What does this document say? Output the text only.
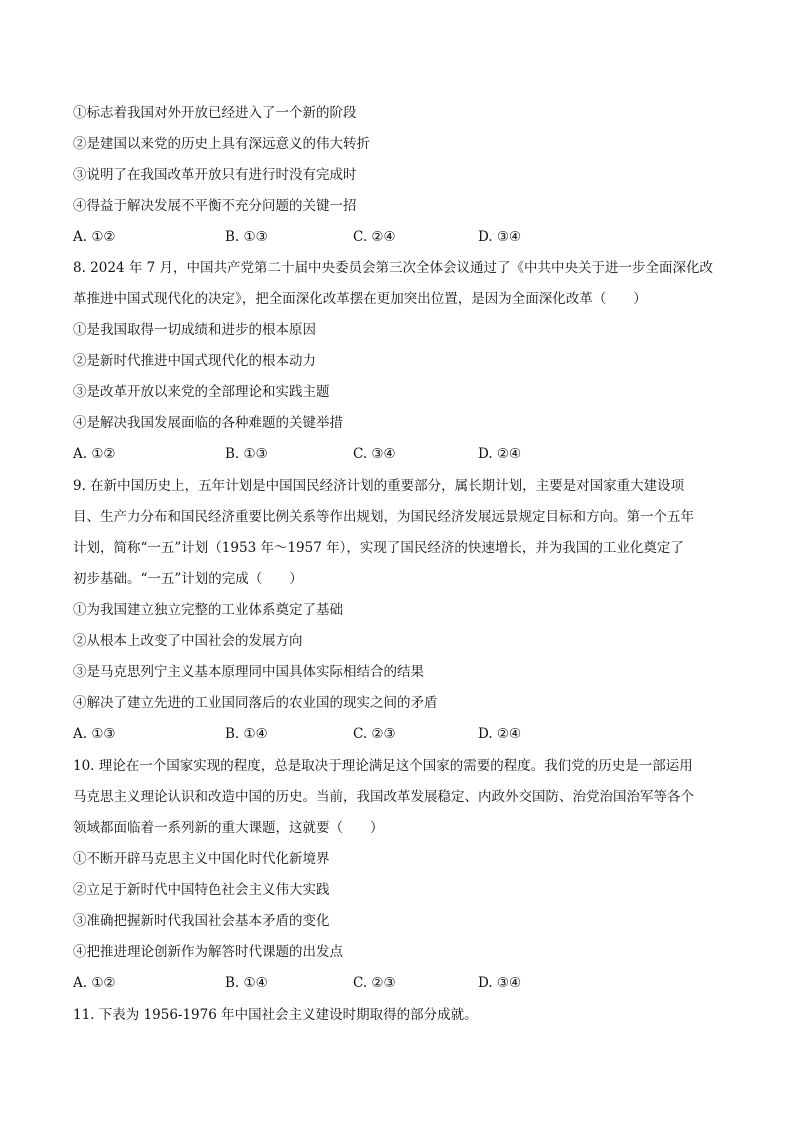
①标志着我国对外开放已经进入了一个新的阶段
②是建国以来党的历史上具有深远意义的伟大转折
③说明了在我国改革开放只有进行时没有完成时
④得益于解决发展不平衡不充分问题的关键一招
A. ①②	B. ①③	C. ②④	D. ③④
8. 2024 年 7 月，中国共产党第二十届中央委员会第三次全体会议通过了《中共中央关于进一步全面深化改
革推进中国式现代化的决定》，把全面深化改革摆在更加突出位置，是因为全面深化改革（　　）
①是我国取得一切成绩和进步的根本原因
②是新时代推进中国式现代化的根本动力
③是改革开放以来党的全部理论和实践主题
④是解决我国发展面临的各种难题的关键举措
A. ①②	B. ①③	C. ③④	D. ②④
9. 在新中国历史上，五年计划是中国国民经济计划的重要部分，属长期计划，主要是对国家重大建设项
目、生产力分布和国民经济重要比例关系等作出规划，为国民经济发展远景规定目标和方向。第一个五年
计划，简称“一五”计划（1953 年～1957 年），实现了国民经济的快速增长，并为我国的工业化奠定了
初步基础。“一五”计划的完成（　　）
①为我国建立独立完整的工业体系奠定了基础
②从根本上改变了中国社会的发展方向
③是马克思列宁主义基本原理同中国具体实际相结合的结果
④解决了建立先进的工业国同落后的农业国的现实之间的矛盾
A. ①③	B. ①④	C. ②③	D. ②④
10. 理论在一个国家实现的程度，总是取决于理论满足这个国家的需要的程度。我们党的历史是一部运用
马克思主义理论认识和改造中国的历史。当前，我国改革发展稳定、内政外交国防、治党治国治军等各个
领域都面临着一系列新的重大课题，这就要（　　）
①不断开辟马克思主义中国化时代化新境界
②立足于新时代中国特色社会主义伟大实践
③准确把握新时代我国社会基本矛盾的变化
④把推进理论创新作为解答时代课题的出发点
A. ①②	B. ①④	C. ②③	D. ③④
11. 下表为 1956-1976 年中国社会主义建设时期取得的部分成就。
